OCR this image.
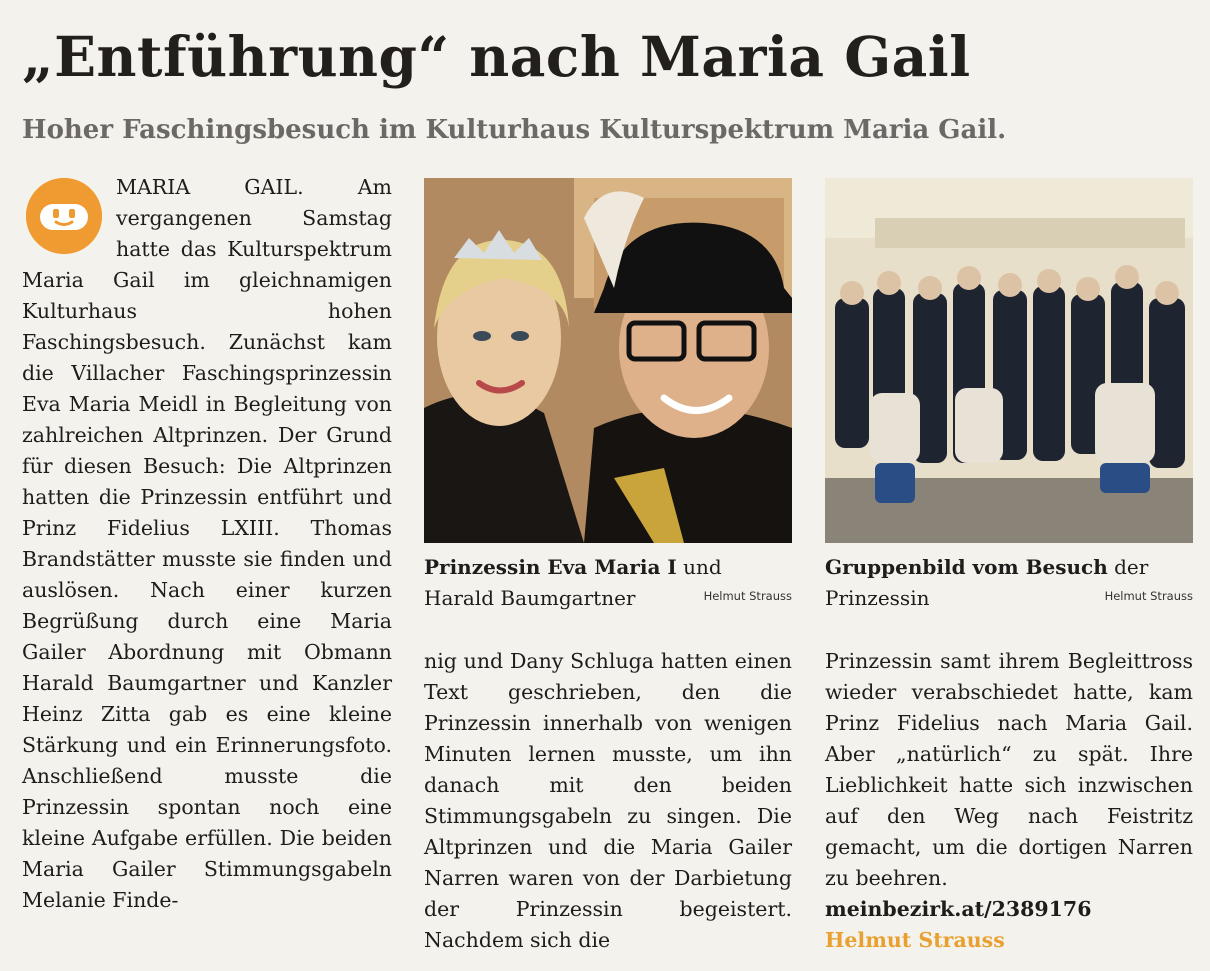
„Entführung“ nach Maria Gail
Hoher Faschingsbesuch im Kulturhaus Kulturspektrum Maria Gail.

MARIA GAIL. Am vergangenen Samstag hatte das Kulturspektrum Maria Gail im gleichnamigen Kulturhaus hohen Faschingsbesuch. Zunächst kam die Villacher Faschingsprinzessin Eva Maria Meidl in Begleitung von zahlreichen Altprinzen. Der Grund für diesen Besuch: Die Altprinzen hatten die Prinzessin entführt und Prinz Fidelius LXIII. Thomas Brandstätter musste sie finden und auslösen. Nach einer kurzen Begrüßung durch eine Maria Gailer Abordnung mit Obmann Harald Baumgartner und Kanzler Heinz Zitta gab es eine kleine Stärkung und ein Erinnerungsfoto. Anschließend musste die Prinzessin spontan noch eine kleine Aufgabe erfüllen. Die beiden Maria Gailer Stimmungsgabeln Melanie Finde-

Prinzessin Eva Maria I und Harald Baumgartner	Helmut Strauss
Gruppenbild vom Besuch der Prinzessin	Helmut Strauss

nig und Dany Schluga hatten einen Text geschrieben, den die Prinzessin innerhalb von wenigen Minuten lernen musste, um ihn danach mit den beiden Stimmungsgabeln zu singen. Die Altprinzen und die Maria Gailer Narren waren von der Darbietung der Prinzessin begeistert. Nachdem sich die

Prinzessin samt ihrem Begleittross wieder verabschiedet hatte, kam Prinz Fidelius nach Maria Gail. Aber „natürlich“ zu spät. Ihre Lieblichkeit hatte sich inzwischen auf den Weg nach Feistritz gemacht, um die dortigen Narren zu beehren.

meinbezirk.at/2389176
Helmut Strauss
